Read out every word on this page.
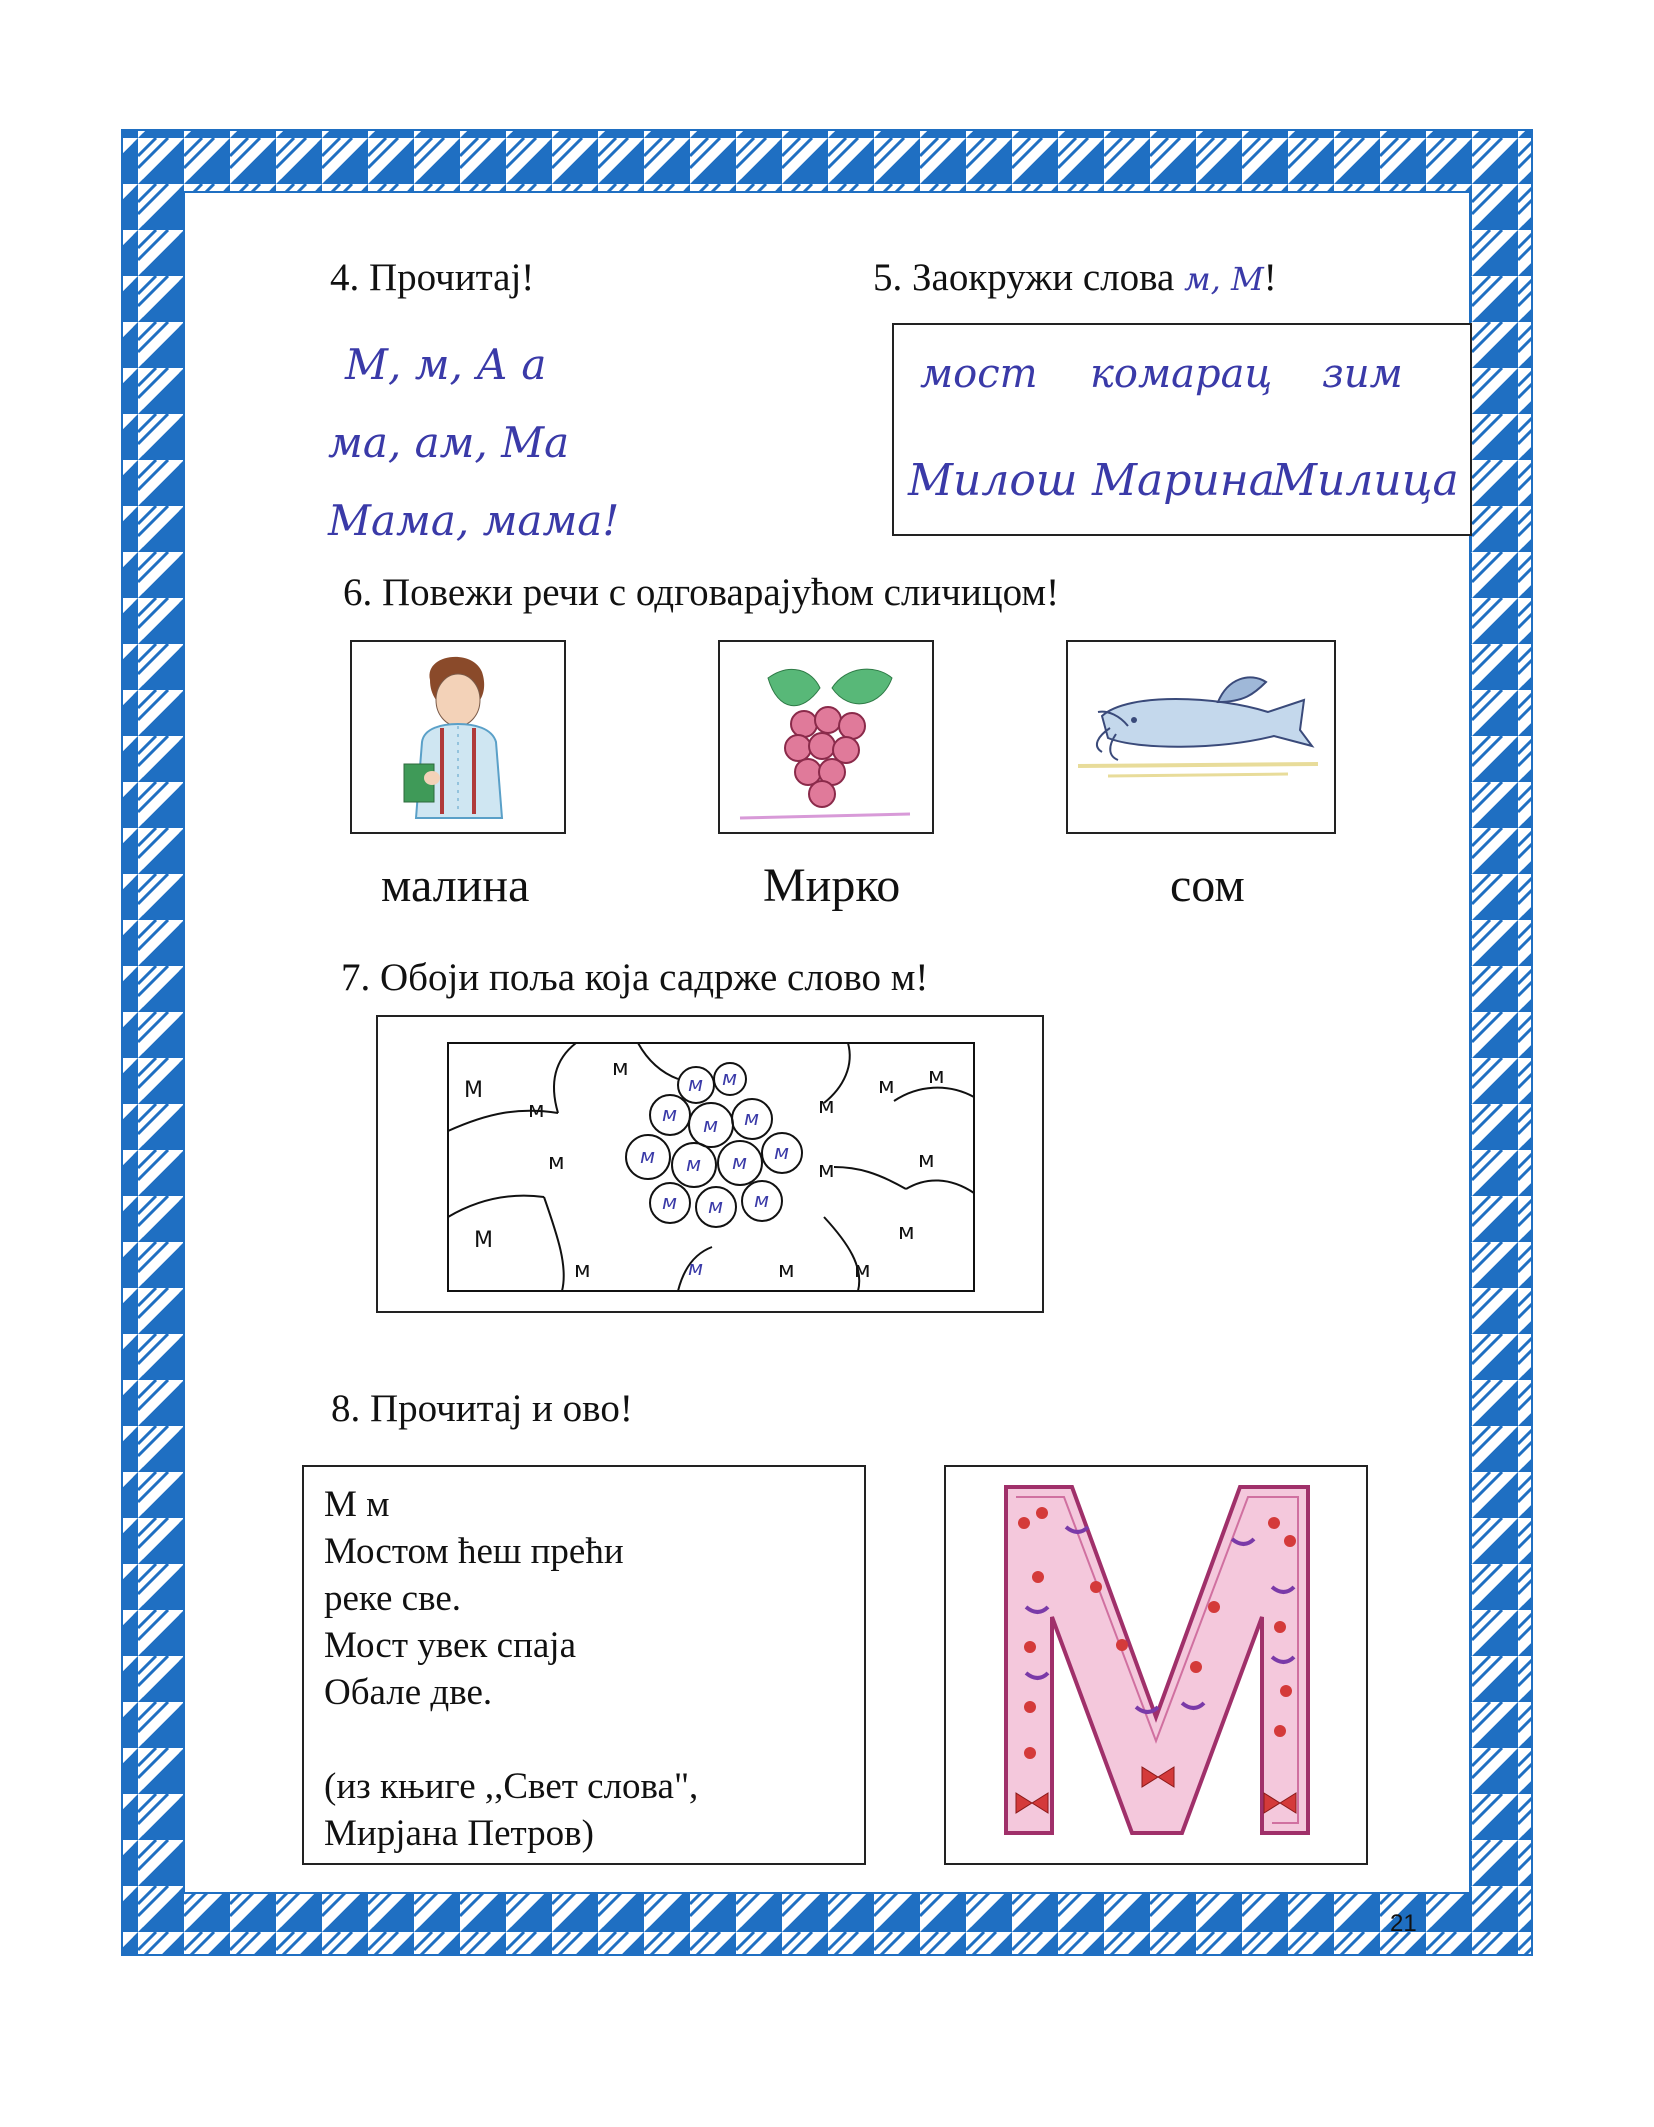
4. Прочитај!
М, м, А а
ма, ам, Ма
Мама, мама!
5. Заокружи слова м, М!
мост комарац зим
Милош Марина
Милица
6. Повежи речи с одговарајућом сличицом!
малина	Мирко	сом
7. Обоји поља која садрже слово м!
М
м
м
м
м
м
м
м
М
м
м
м
м	м
м
м	м
м м м м
м м м
м м
м
8. Прочитај и ово!
М м
Мостом ћеш прећи
реке све.
Мост увек спаја
Обале две.
(из књиге ,,Свет слова",
Мирјана Петров)
21
